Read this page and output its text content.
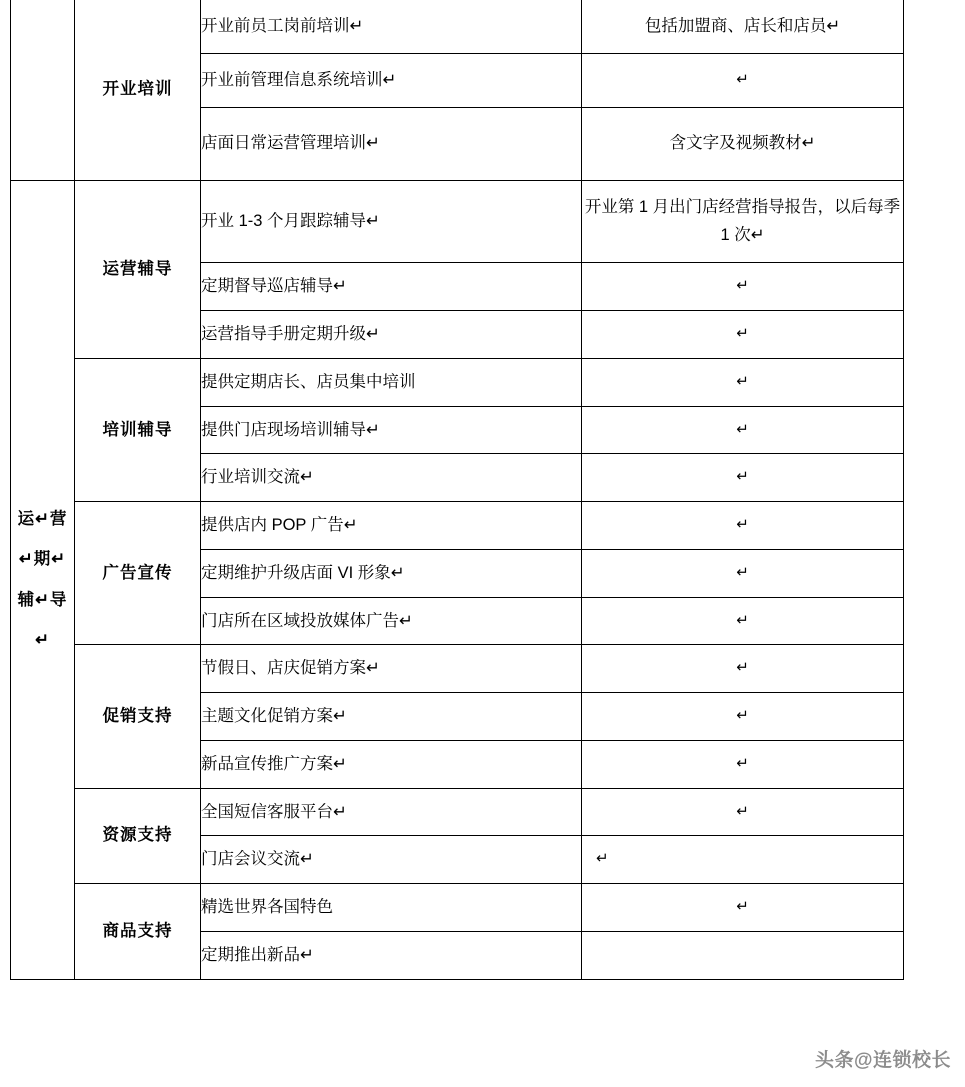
	开业培训	开业前员工岗前培训↵	包括加盟商、店长和店员↵

		开业前管理信息系统培训↵	↵

		店面日常运营管理培训↵	含文字及视频教材↵

运↵营↵期↵辅↵导↵	运营辅导	开业 1-3 个月跟踪辅导↵	开业第 1 月出门店经营指导报告，以后每季 1 次↵

		定期督导巡店辅导↵	↵

		运营指导手册定期升级↵	↵

	培训辅导	提供定期店长、店员集中培训	↵

		提供门店现场培训辅导↵	↵

		行业培训交流↵	↵

	广告宣传	提供店内 POP 广告↵	↵

		定期维护升级店面 VI 形象↵	↵

		门店所在区域投放媒体广告↵	↵

	促销支持	节假日、店庆促销方案↵	↵

		主题文化促销方案↵	↵

		新品宣传推广方案↵	↵

	资源支持	全国短信客服平台↵	↵

		门店会议交流↵	↵

	商品支持	精选世界各国特色	↵

		定期推出新品↵	

头条@连锁校长
